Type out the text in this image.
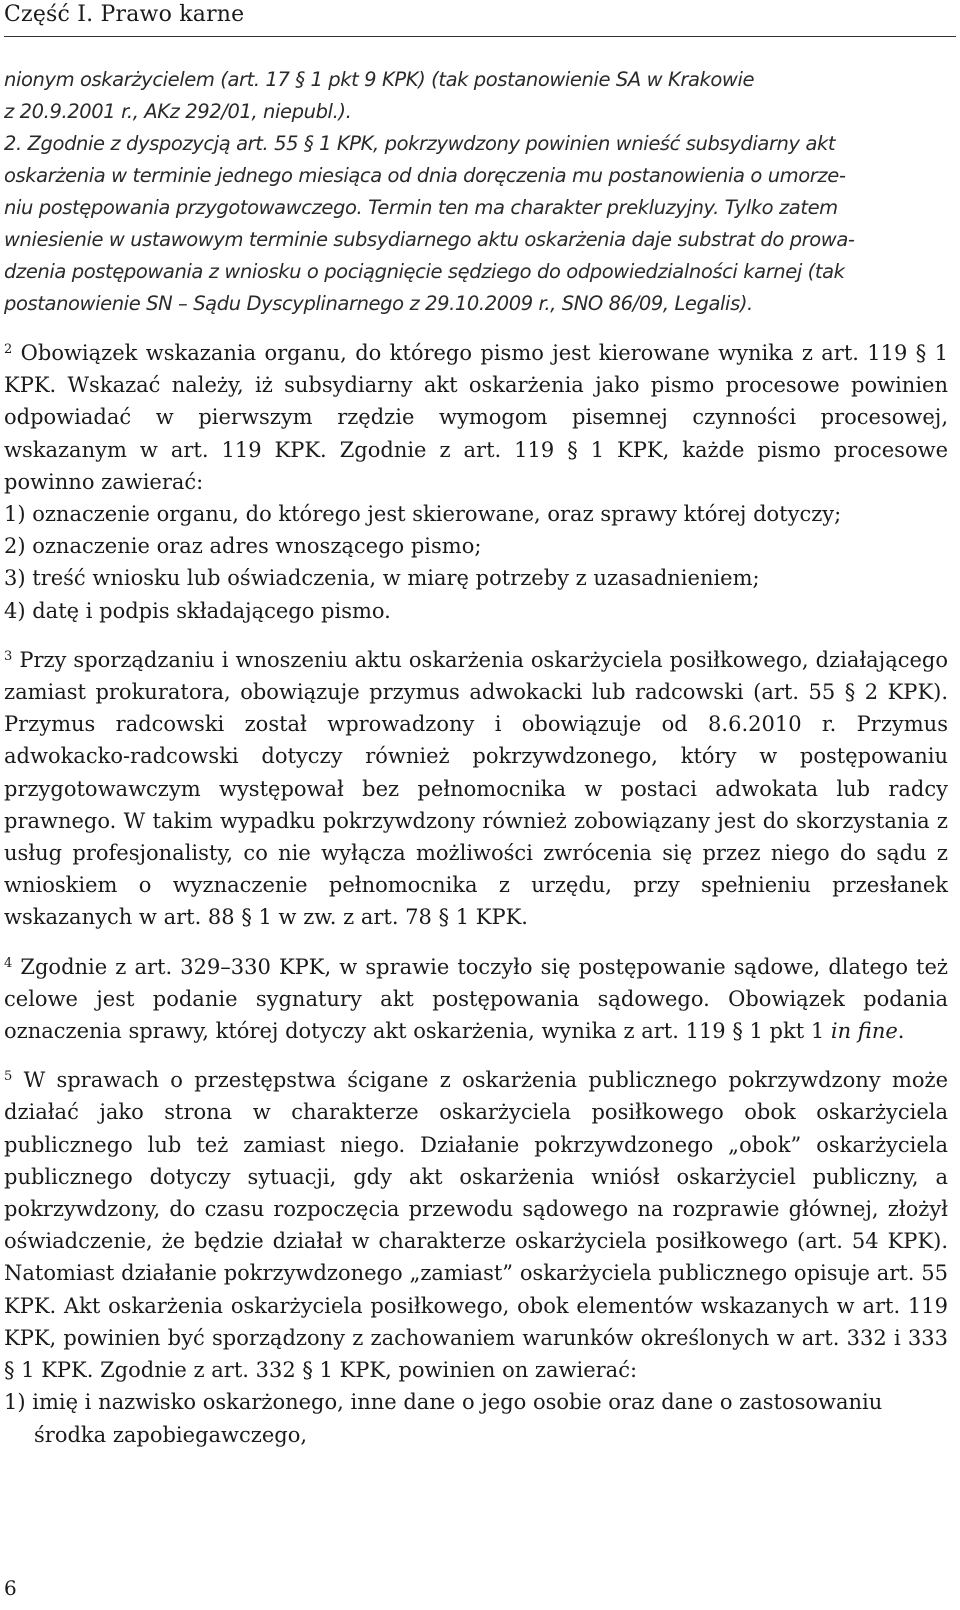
Część I. Prawo karne
nionym oskarżycielem (art. 17 § 1 pkt 9 KPK) (tak postanowienie SA w Krakowie
z 20.9.2001 r., AKz 292/01, niepubl.).
2. Zgodnie z dyspozycją art. 55 § 1 KPK, pokrzywdzony powinien wnieść subsydiarny akt
oskarżenia w terminie jednego miesiąca od dnia doręczenia mu postanowienia o umorze-
niu postępowania przygotowawczego. Termin ten ma charakter prekluzyjny. Tylko zatem
wniesienie w ustawowym terminie subsydiarnego aktu oskarżenia daje substrat do prowa-
dzenia postępowania z wniosku o pociągnięcie sędziego do odpowiedzialności karnej (tak
postanowienie SN – Sądu Dyscyplinarnego z 29.10.2009 r., SNO 86/09, Legalis).

$^2$ Obowiązek wskazania organu, do którego pismo jest kierowane wynika z art. 119 § 1 KPK. Wskazać należy, iż subsydiarny akt oskarżenia jako pismo procesowe powinien odpowiadać w pierwszym rzędzie wymogom pisemnej czynności procesowej, wskazanym w art. 119 KPK. Zgodnie z art. 119 § 1 KPK, każde pismo procesowe powinno zawierać:

1) oznaczenie organu, do którego jest skierowane, oraz sprawy której dotyczy;
2) oznaczenie oraz adres wnoszącego pismo;
3) treść wniosku lub oświadczenia, w miarę potrzeby z uzasadnieniem;
4) datę i podpis składającego pismo.

$^3$ Przy sporządzaniu i wnoszeniu aktu oskarżenia oskarżyciela posiłkowego, działającego zamiast prokuratora, obowiązuje przymus adwokacki lub radcowski (art. 55 § 2 KPK). Przymus radcowski został wprowadzony i obowiązuje od 8.6.2010 r. Przymus adwokacko-radcowski dotyczy również pokrzywdzonego, który w postępowaniu przygotowawczym występował bez pełnomocnika w postaci adwokata lub radcy prawnego. W takim wypadku pokrzywdzony również zobowiązany jest do skorzystania z usług profesjonalisty, co nie wyłącza możliwości zwrócenia się przez niego do sądu z wnioskiem o wyznaczenie pełnomocnika z urzędu, przy spełnieniu przesłanek wskazanych w art. 88 § 1 w zw. z art. 78 § 1 KPK.

$^4$ Zgodnie z art. 329–330 KPK, w sprawie toczyło się postępowanie sądowe, dlatego też celowe jest podanie sygnatury akt postępowania sądowego. Obowiązek podania oznaczenia sprawy, której dotyczy akt oskarżenia, wynika z art. 119 § 1 pkt 1 in fine.

$^5$ W sprawach o przestępstwa ścigane z oskarżenia publicznego pokrzywdzony może działać jako strona w charakterze oskarżyciela posiłkowego obok oskarżyciela publicznego lub też zamiast niego. Działanie pokrzywdzonego „obok” oskarżyciela publicznego dotyczy sytuacji, gdy akt oskarżenia wniósł oskarżyciel publiczny, a pokrzywdzony, do czasu rozpoczęcia przewodu sądowego na rozprawie głównej, złożył oświadczenie, że będzie działał w charakterze oskarżyciela posiłkowego (art. 54 KPK). Natomiast działanie pokrzywdzonego „zamiast” oskarżyciela publicznego opisuje art. 55 KPK. Akt oskarżenia oskarżyciela posiłkowego, obok elementów wskazanych w art. 119 KPK, powinien być sporządzony z zachowaniem warunków określonych w art. 332 i 333 § 1 KPK. Zgodnie z art. 332 § 1 KPK, powinien on zawierać:

1) imię i nazwisko oskarżonego, inne dane o jego osobie oraz dane o zastosowaniu środka zapobiegawczego,
6
